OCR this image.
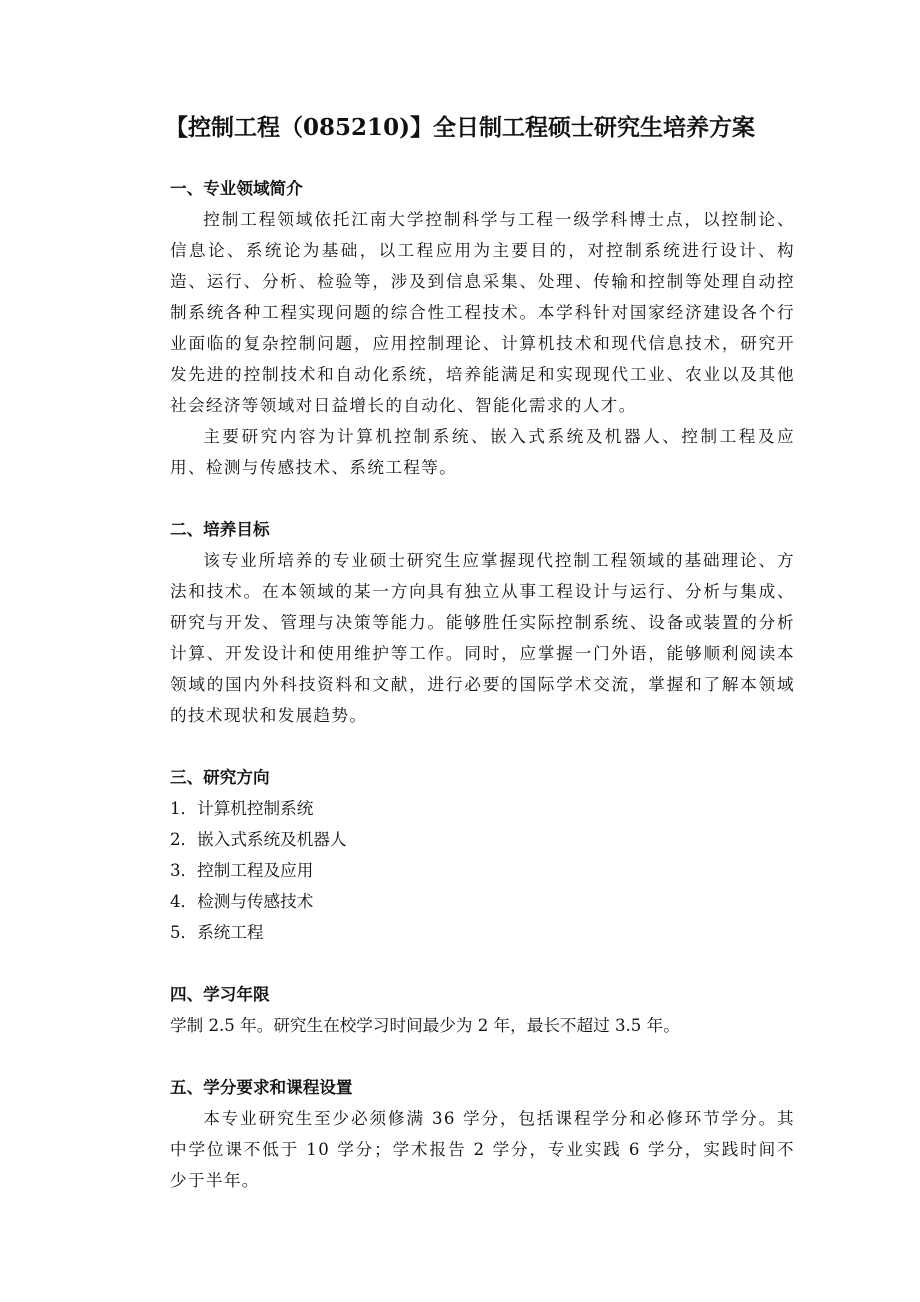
【控制工程（085210)】全日制工程硕士研究生培养方案
一、专业领域简介

控制工程领域依托江南大学控制科学与工程一级学科博士点，以控制论、信息论、系统论为基础，以工程应用为主要目的，对控制系统进行设计、构造、运行、分析、检验等，涉及到信息采集、处理、传输和控制等处理自动控制系统各种工程实现问题的综合性工程技术。本学科针对国家经济建设各个行业面临的复杂控制问题，应用控制理论、计算机技术和现代信息技术，研究开发先进的控制技术和自动化系统，培养能满足和实现现代工业、农业以及其他社会经济等领域对日益增长的自动化、智能化需求的人才。

主要研究内容为计算机控制系统、嵌入式系统及机器人、控制工程及应用、检测与传感技术、系统工程等。

二、培养目标

该专业所培养的专业硕士研究生应掌握现代控制工程领域的基础理论、方法和技术。在本领域的某一方向具有独立从事工程设计与运行、分析与集成、研究与开发、管理与决策等能力。能够胜任实际控制系统、设备或装置的分析计算、开发设计和使用维护等工作。同时，应掌握一门外语，能够顺利阅读本领域的国内外科技资料和文献，进行必要的国际学术交流，掌握和了解本领域的技术现状和发展趋势。

三、研究方向

1．计算机控制系统

2．嵌入式系统及机器人

3．控制工程及应用

4．检测与传感技术

5．系统工程

四、学习年限

学制 2.5 年。研究生在校学习时间最少为 2 年，最长不超过 3.5 年。

五、学分要求和课程设置

本专业研究生至少必须修满 36 学分，包括课程学分和必修环节学分。其中学位课不低于 10 学分；学术报告 2 学分，专业实践 6 学分，实践时间不少于半年。
